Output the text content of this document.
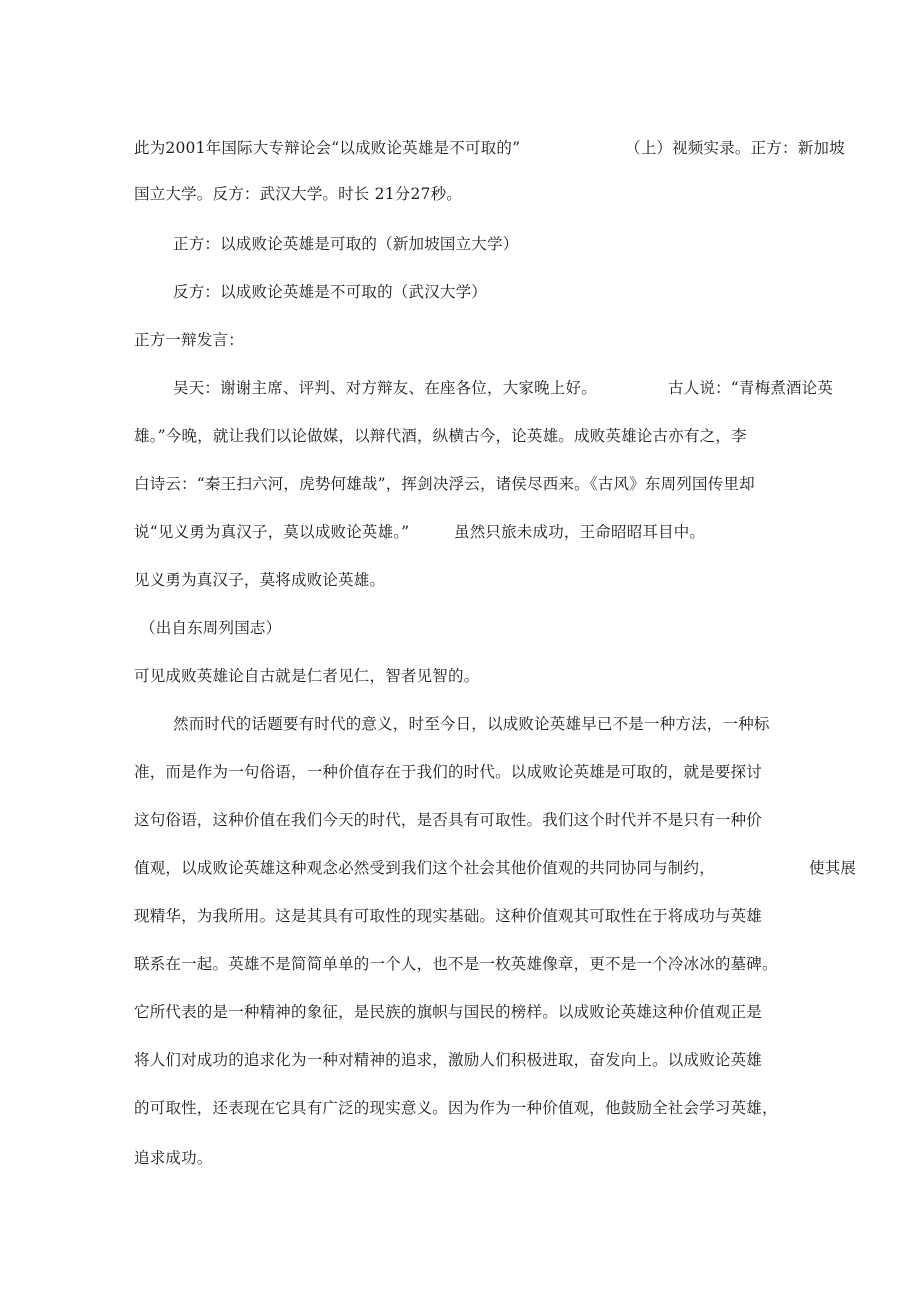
此为2001年国际大专辩论会“以成败论英雄是不可取的”	（上）视频实录。正方：新加坡
国立大学。反方：武汉大学。时长 21分27秒。
正方：以成败论英雄是可取的（新加坡国立大学）
反方：以成败论英雄是不可取的（武汉大学）
正方一辩发言：
吴天：谢谢主席、评判、对方辩友、在座各位，大家晚上好。	古人说：“青梅煮酒论英
雄。”今晚，就让我们以论做媒，以辩代酒，纵横古今，论英雄。成败英雄论古亦有之，李
白诗云：“秦王扫六河，虎势何雄哉”，挥剑决浮云，诸侯尽西来。《古风》东周列国传里却
说“见义勇为真汉子，莫以成败论英雄。”	虽然只旅未成功，王命昭昭耳目中。
见义勇为真汉子，莫将成败论英雄。
（出自东周列国志）
可见成败英雄论自古就是仁者见仁，智者见智的。
然而时代的话题要有时代的意义，时至今日，以成败论英雄早已不是一种方法，一种标
准，而是作为一句俗语，一种价值存在于我们的时代。以成败论英雄是可取的，就是要探讨
这句俗语，这种价值在我们今天的时代，是否具有可取性。我们这个时代并不是只有一种价
值观，以成败论英雄这种观念必然受到我们这个社会其他价值观的共同协同与制约，	使其展
现精华，为我所用。这是其具有可取性的现实基础。这种价值观其可取性在于将成功与英雄
联系在一起。英雄不是简简单单的一个人，也不是一枚英雄像章，更不是一个冷冰冰的墓碑。
它所代表的是一种精神的象征，是民族的旗帜与国民的榜样。以成败论英雄这种价值观正是
将人们对成功的追求化为一种对精神的追求，激励人们积极进取，奋发向上。以成败论英雄
的可取性，还表现在它具有广泛的现实意义。因为作为一种价值观，他鼓励全社会学习英雄，
追求成功。
